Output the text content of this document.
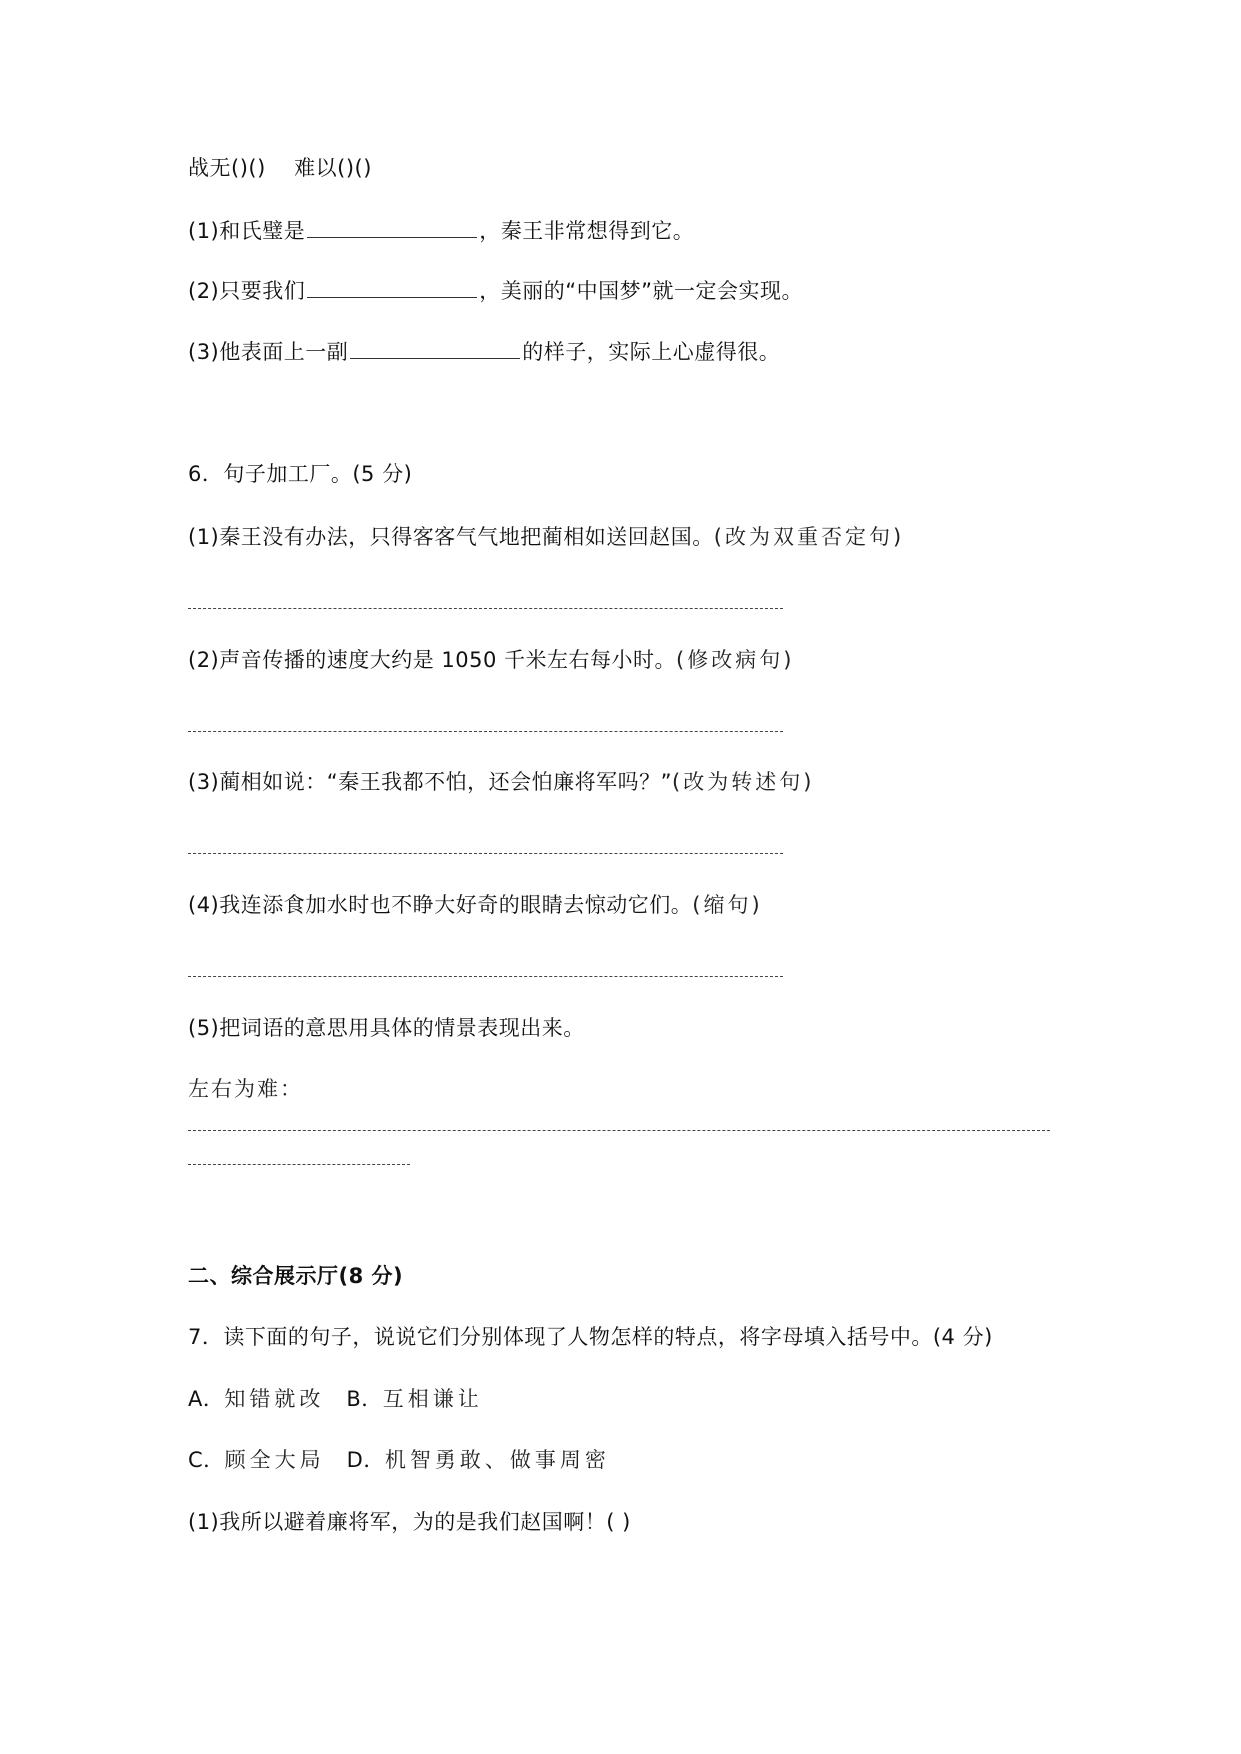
战无()() 难以()()
(1)和氏璧是	，秦王非常想得到它。
(2)只要我们	，美丽的“中国梦”就一定会实现。
(3)他表面上一副	的样子，实际上心虚得很。
6．句子加工厂。(5 分)
(1)秦王没有办法，只得客客气气地把蔺相如送回赵国。(改为双重否定句)
(2)声音传播的速度大约是 1050 千米左右每小时。(修改病句)
(3)蔺相如说：“秦王我都不怕，还会怕廉将军吗？”(改为转述句)
(4)我连添食加水时也不睁大好奇的眼睛去惊动它们。(缩句)
(5)把词语的意思用具体的情景表现出来。
左右为难：
二、综合展示厅(8 分)
7．读下面的句子，说说它们分别体现了人物怎样的特点，将字母填入括号中。(4 分)
A．知错就改 B．互相谦让
C．顾全大局 D．机智勇敢、做事周密
(1)我所以避着廉将军，为的是我们赵国啊！( )
